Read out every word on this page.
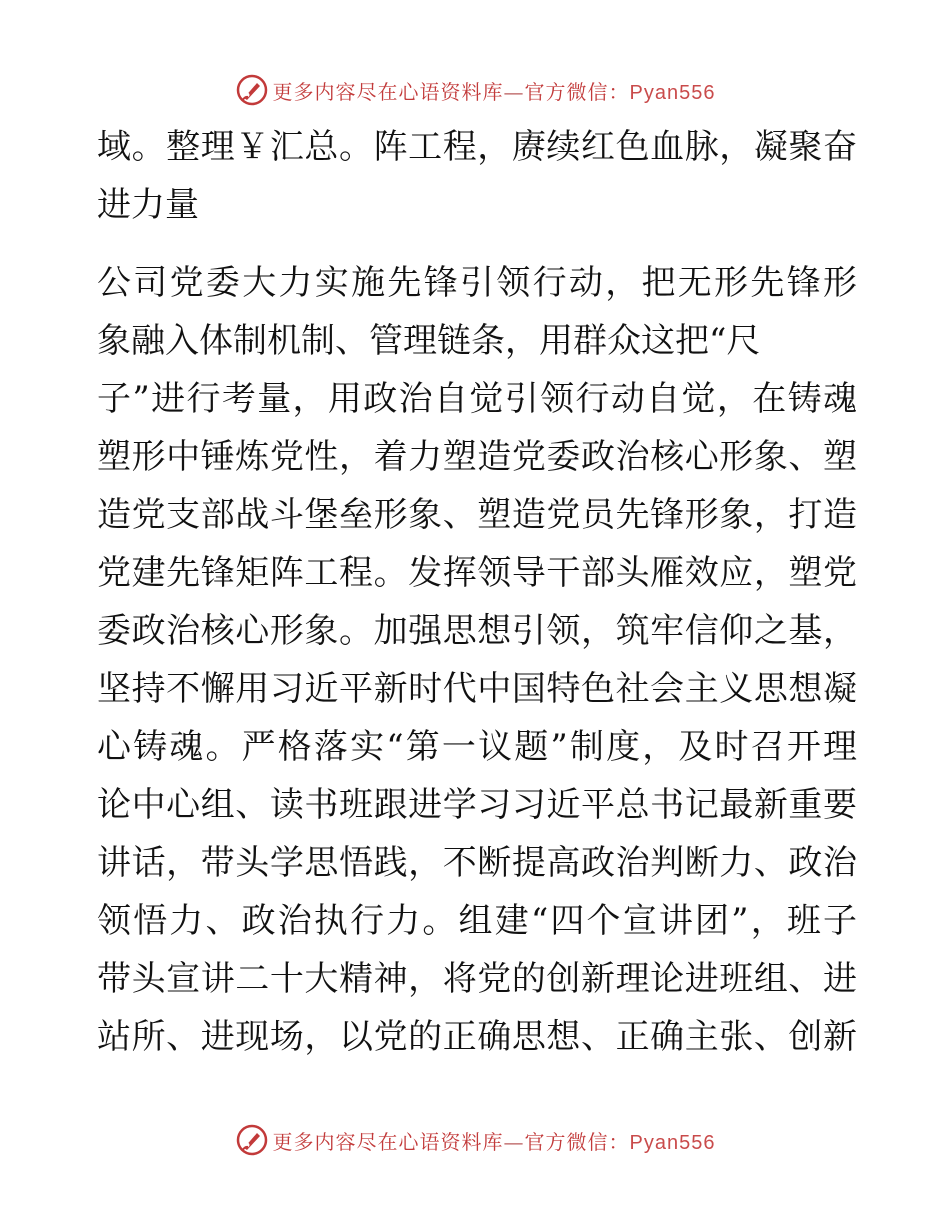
更多内容尽在心语资料库—官方微信：Pyan556
域。整理￥汇总。阵工程，赓续红色血脉，凝聚奋
进力量
公司党委大力实施先锋引领行动，把无形先锋形
象融入体制机制、管理链条，用群众这把“尺
子”进行考量，用政治自觉引领行动自觉，在铸魂
塑形中锤炼党性，着力塑造党委政治核心形象、塑
造党支部战斗堡垒形象、塑造党员先锋形象，打造
党建先锋矩阵工程。发挥领导干部头雁效应，塑党
委政治核心形象。加强思想引领，筑牢信仰之基，
坚持不懈用习近平新时代中国特色社会主义思想凝
心铸魂。严格落实“第一议题”制度，及时召开理
论中心组、读书班跟进学习习近平总书记最新重要
讲话，带头学思悟践，不断提高政治判断力、政治
领悟力、政治执行力。组建“四个宣讲团”，班子
带头宣讲二十大精神，将党的创新理论进班组、进
站所、进现场，以党的正确思想、正确主张、创新
更多内容尽在心语资料库—官方微信：Pyan556
